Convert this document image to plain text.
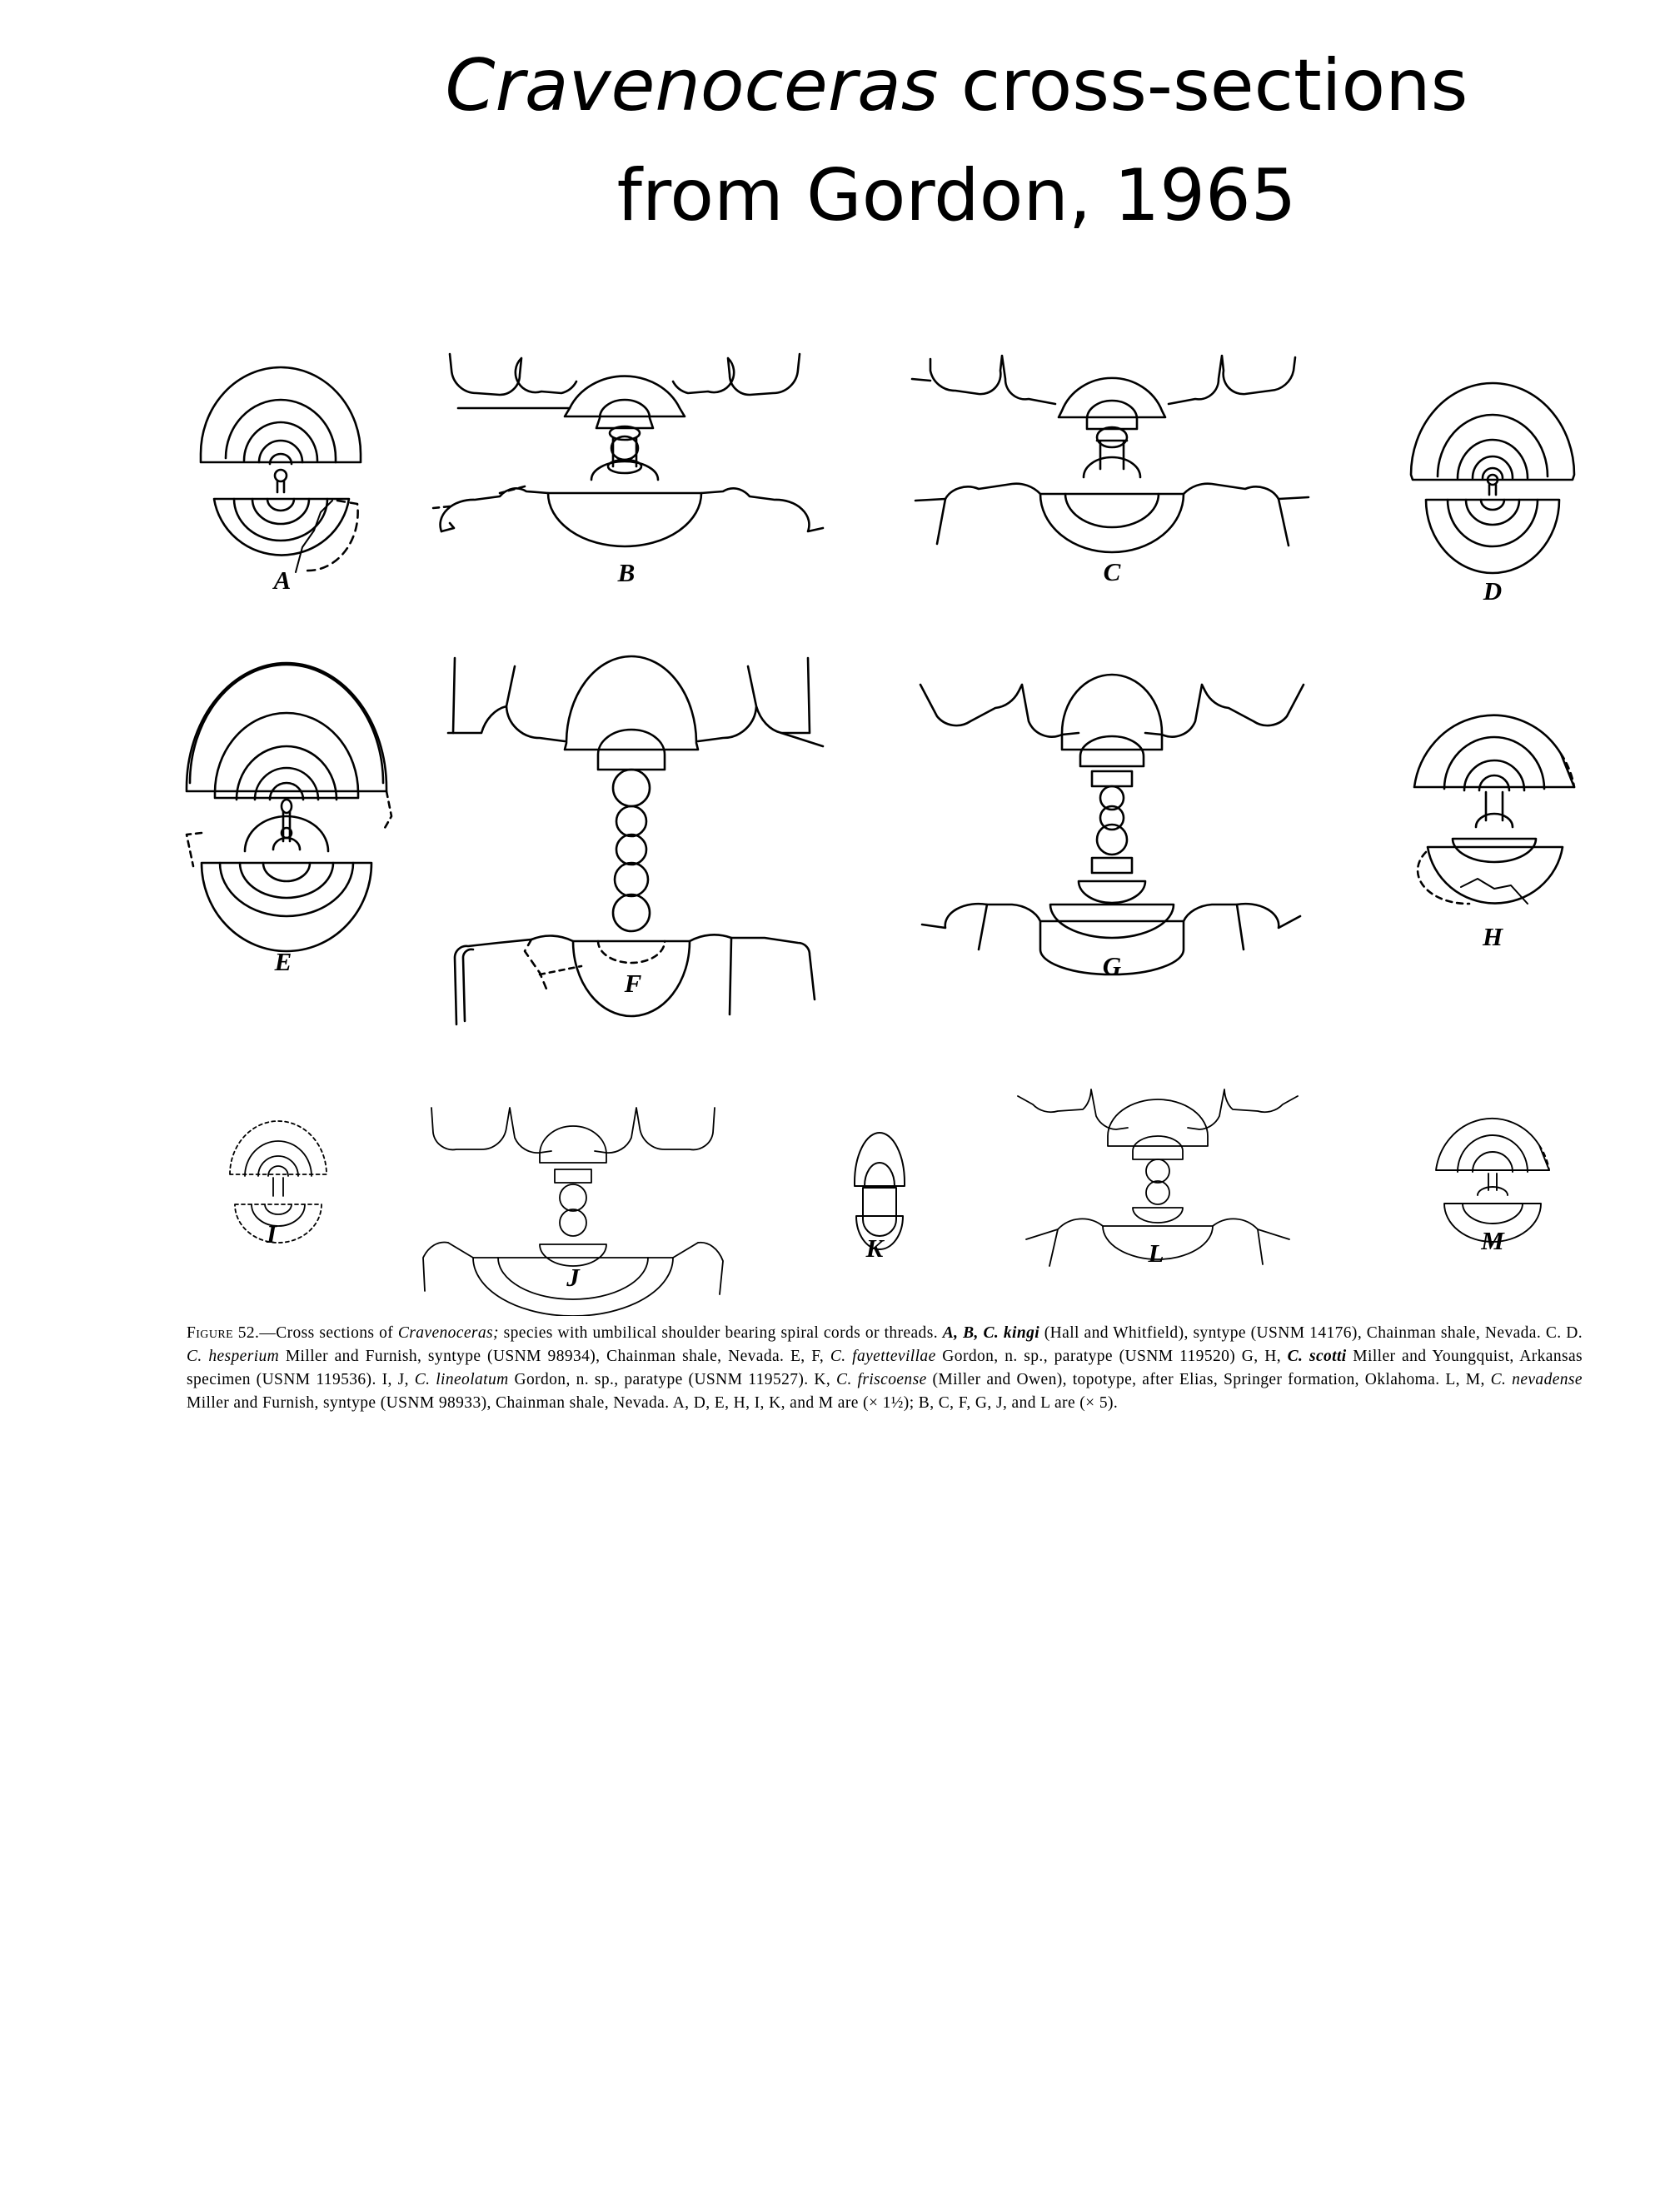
Cravenoceras cross-sections
from Gordon, 1965
A	B	C
D
E
F
G
H
I
J
K	L	M
Figure 52.—Cross sections of Cravenoceras; species with umbilical shoulder bearing spiral cords or threads. A, B, C. kingi (Hall and Whitfield), syntype (USNM 14176), Chainman shale, Nevada. C. D. C. hesperium Miller and Furnish, syntype (USNM 98934), Chainman shale, Nevada. E, F, C. fayettevillae Gordon, n. sp., paratype (USNM 119520) G, H, C. scotti Miller and Youngquist, Arkansas specimen (USNM 119536). I, J, C. lineolatum Gordon, n. sp., paratype (USNM 119527). K, C. friscoense (Miller and Owen), topotype, after Elias, Springer formation, Oklahoma. L, M, C. nevadense Miller and Furnish, syntype (USNM 98933), Chainman shale, Nevada. A, D, E, H, I, K, and M are (× 1½); B, C, F, G, J, and L are (× 5).
